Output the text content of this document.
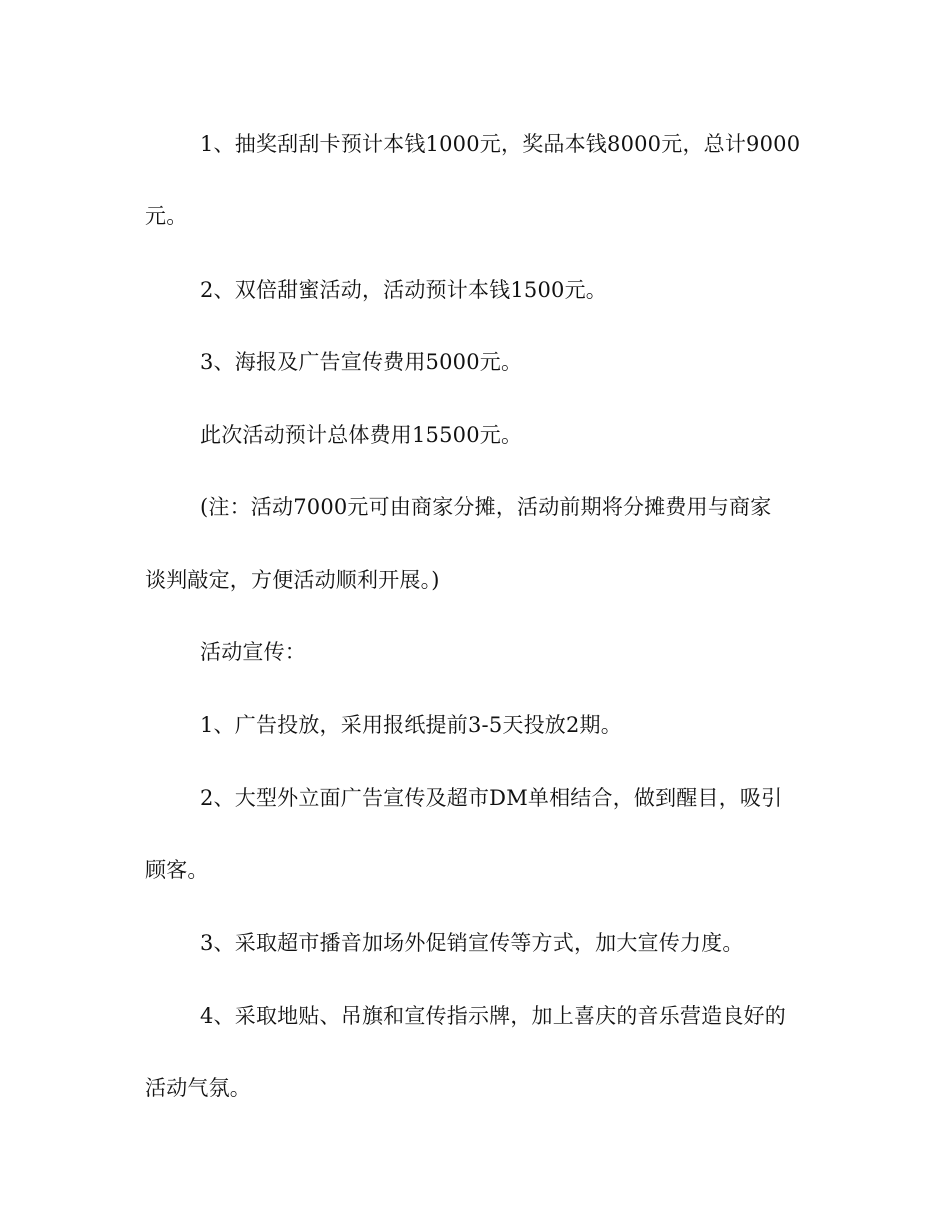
1、抽奖刮刮卡预计本钱1000元，奖品本钱8000元，总计9000
元。
2、双倍甜蜜活动，活动预计本钱1500元。
3、海报及广告宣传费用5000元。
此次活动预计总体费用15500元。
(注：活动7000元可由商家分摊，活动前期将分摊费用与商家
谈判敲定，方便活动顺利开展。)
活动宣传：
1、广告投放，采用报纸提前3-5天投放2期。
2、大型外立面广告宣传及超市DM单相结合，做到醒目，吸引
顾客。
3、采取超市播音加场外促销宣传等方式，加大宣传力度。
4、采取地贴、吊旗和宣传指示牌，加上喜庆的音乐营造良好的
活动气氛。
